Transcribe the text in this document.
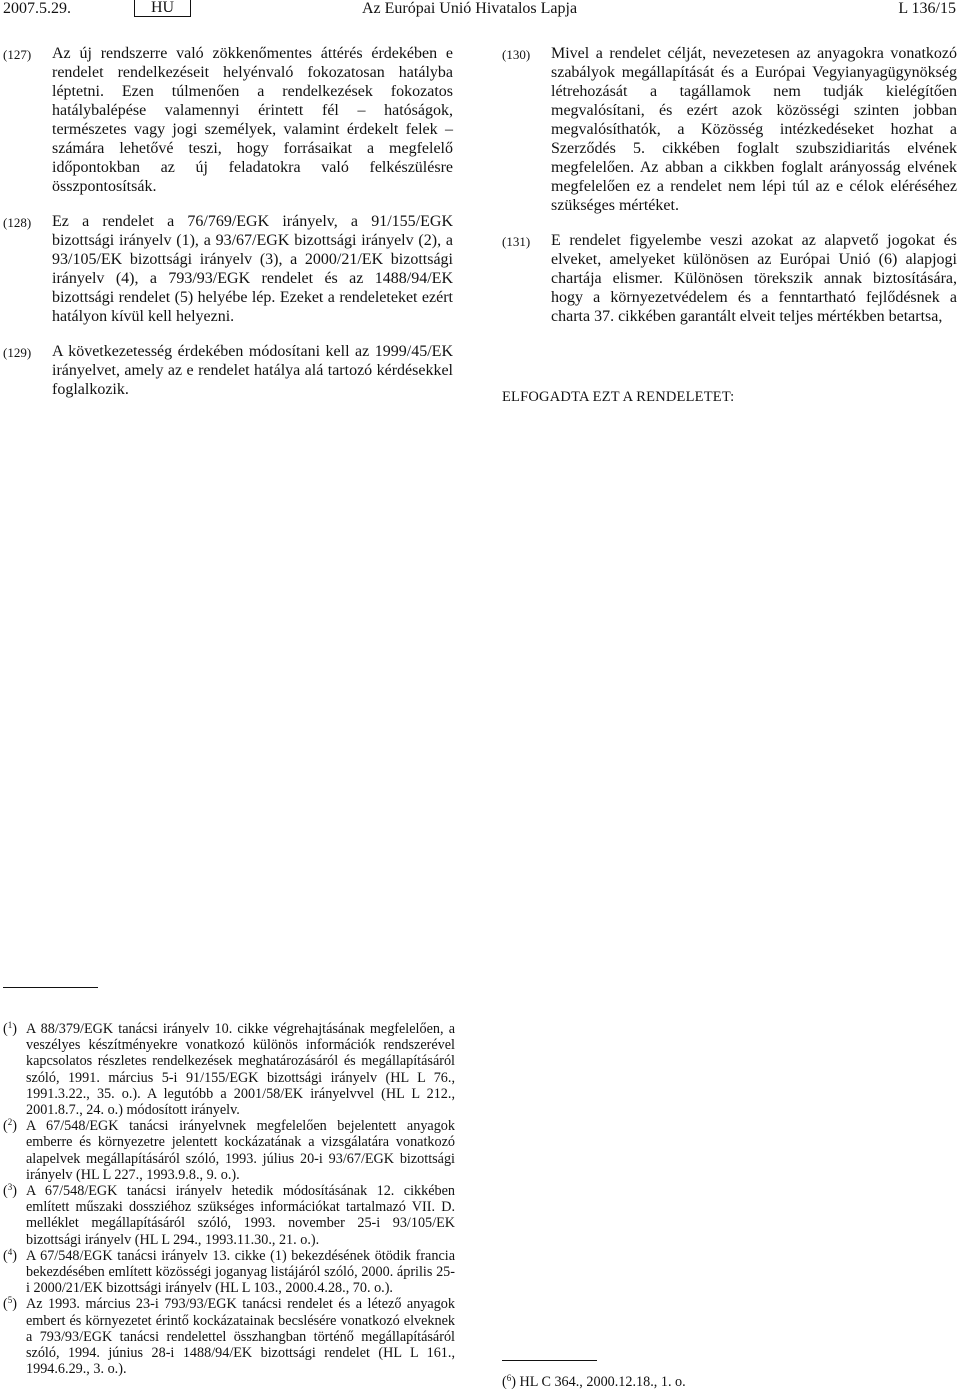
2007.5.29.	HU	Az Európai Unió Hivatalos Lapja	L 136/15
(127) Az új rendszerre való zökkenőmentes áttérés érdekében e rendelet rendelkezéseit helyénvaló fokozatosan hatályba léptetni. Ezen túlmenően a rendelkezések fokozatos hatálybalépése valamennyi érintett fél – hatóságok, természetes vagy jogi személyek, valamint érdekelt felek – számára lehetővé teszi, hogy forrásaikat a megfelelő időpontokban az új feladatokra való felkészülésre összpontosítsák.
(128) Ez a rendelet a 76/769/EGK irányelv, a 91/155/EGK bizottsági irányelv (1), a 93/67/EGK bizottsági irányelv (2), a 93/105/EK bizottsági irányelv (3), a 2000/21/EK bizottsági irányelv (4), a 793/93/EGK rendelet és az 1488/94/EK bizottsági rendelet (5) helyébe lép. Ezeket a rendeleteket ezért hatályon kívül kell helyezni.
(129) A következetesség érdekében módosítani kell az 1999/45/EK irányelvet, amely az e rendelet hatálya alá tartozó kérdésekkel foglalkozik.
(130) Mivel a rendelet célját, nevezetesen az anyagokra vonatkozó szabályok megállapítását és a Európai Vegyianyagügynökség létrehozását a tagállamok nem tudják kielégítően megvalósítani, és ezért azok közösségi szinten jobban megvalósíthatók, a Közösség intézkedéseket hozhat a Szerződés 5. cikkében foglalt szubszidiaritás elvének megfelelően. Az abban a cikkben foglalt arányosság elvének megfelelően ez a rendelet nem lépi túl az e célok eléréséhez szükséges mértéket.
(131) E rendelet figyelembe veszi azokat az alapvető jogokat és elveket, amelyeket különösen az Európai Unió (6) alapjogi chartája elismer. Különösen törekszik annak biztosítására, hogy a környezetvédelem és a fenntartható fejlődésnek a charta 37. cikkében garantált elveit teljes mértékben betartsa,
ELFOGADTA EZT A RENDELETET:
($^1$) A 88/379/EGK tanácsi irányelv 10. cikke végrehajtásának megfelelően, a veszélyes készítményekre vonatkozó különös információk rendszerével kapcsolatos részletes rendelkezések meghatározásáról és megállapításáról szóló, 1991. március 5-i 91/155/EGK bizottsági irányelv (HL L 76., 1991.3.22., 35. o.). A legutóbb a 2001/58/EK irányelvvel (HL L 212., 2001.8.7., 24. o.) módosított irányelv.
($^2$) A 67/548/EGK tanácsi irányelvnek megfelelően bejelentett anyagok emberre és környezetre jelentett kockázatának a vizsgálatára vonatkozó alapelvek megállapításáról szóló, 1993. július 20-i 93/67/EGK bizottsági irányelv (HL L 227., 1993.9.8., 9. o.).
($^3$) A 67/548/EGK tanácsi irányelv hetedik módosításának 12. cikkében említett műszaki dossziéhoz szükséges információkat tartalmazó VII. D. melléklet megállapításáról szóló, 1993. november 25-i 93/105/EK bizottsági irányelv (HL L 294., 1993.11.30., 21. o.).
($^4$) A 67/548/EGK tanácsi irányelv 13. cikke (1) bekezdésének ötödik francia bekezdésében említett közösségi joganyag listájáról szóló, 2000. április 25-i 2000/21/EK bizottsági irányelv (HL L 103., 2000.4.28., 70. o.).
($^5$) Az 1993. március 23-i 793/93/EGK tanácsi rendelet és a létező anyagok embert és környezetet érintő kockázatainak becslésére vonatkozó elveknek a 793/93/EGK tanácsi rendelettel összhangban történő megállapításáról szóló, 1994. június 28-i 1488/94/EK bizottsági rendelet (HL L 161., 1994.6.29., 3. o.).
($^6$) HL C 364., 2000.12.18., 1. o.
